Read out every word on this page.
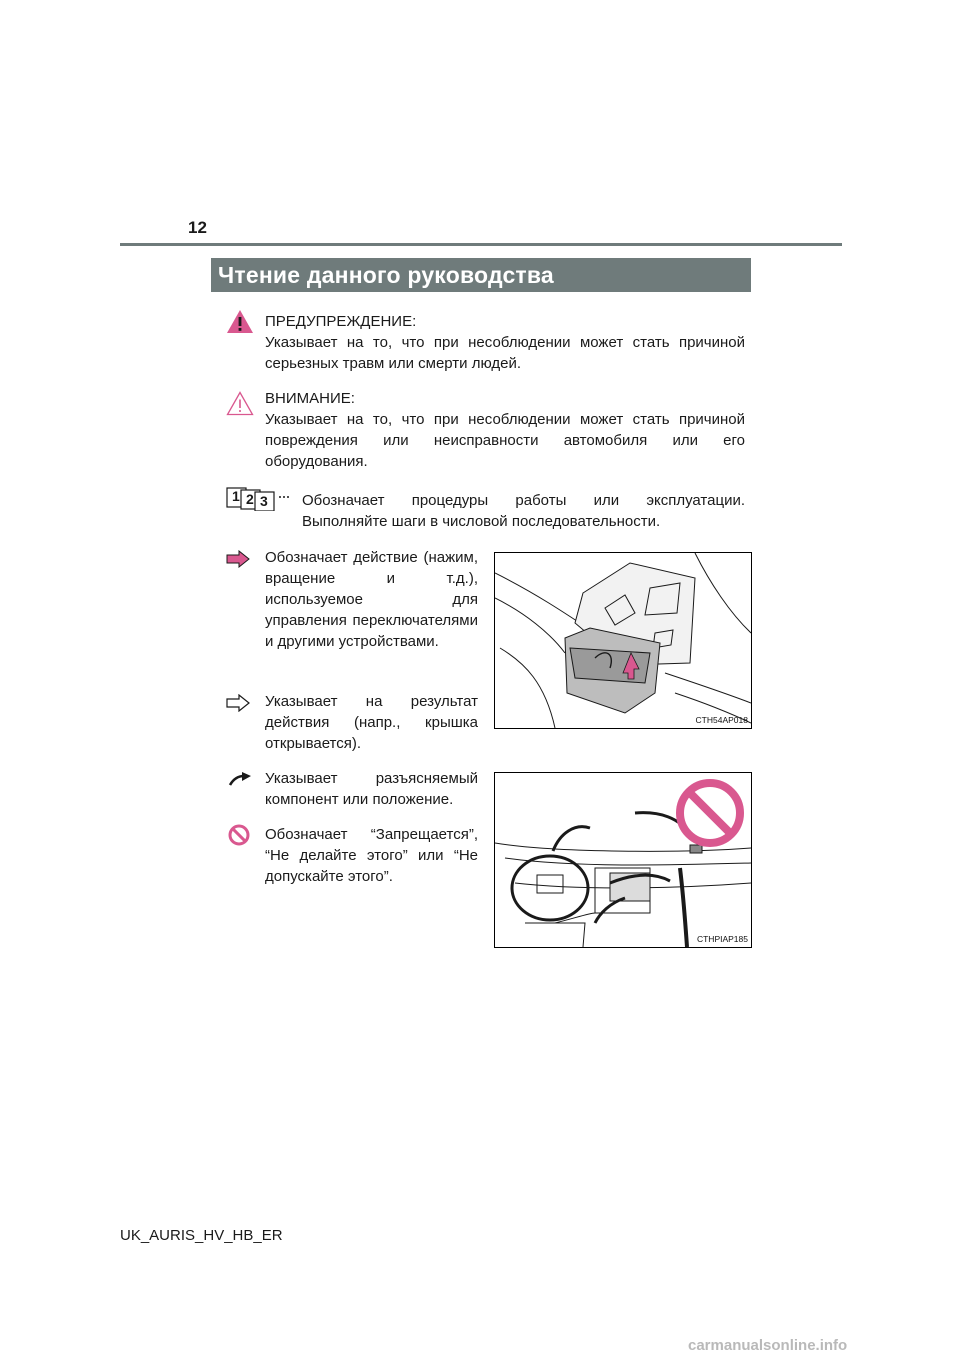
12
Чтение данного руководства

ПРЕДУПРЕЖДЕНИЕ:

Указывает на то, что при несоблюдении может стать причиной серьезных травм или смерти людей.

ВНИМАНИЕ:

Указывает на то, что при несоблюдении может стать причиной повреждения или неисправности автомобиля или его оборудования.

1 2 3 Обозначает процедуры работы или эксплуатации.

Выполняйте шаги в числовой последовательности.

Обозначает действие (нажим, вращение и т.д.), используемое для управления переключателями и другими устройствами.
Указывает на результат действия (напр., крышка открывается).
Указывает разъясняемый компонент или положение.
Обозначает “Запрещается”, “Не делайте этого” или “Не допускайте этого”.
CTH54AP018
CTHPIAP185
UK_AURIS_HV_HB_ER
carmanualsonline.info
